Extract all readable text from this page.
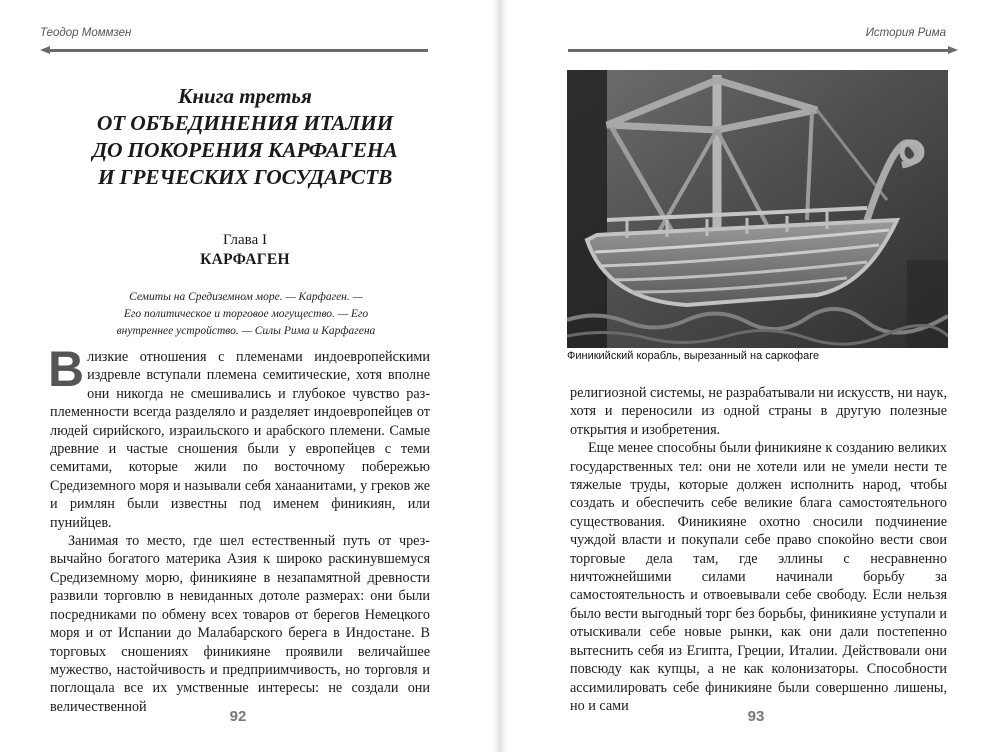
Теодор Моммзен
Книга третья
ОТ ОБЪЕДИНЕНИЯ ИТАЛИИ
ДО ПОКОРЕНИЯ КАРФАГЕНА
И ГРЕЧЕСКИХ ГОСУДАРСТВ
Глава I
КАРФАГЕН
Семиты на Средиземном море. — Карфаген. —
Его политическое и торговое могущество. — Его
внутреннее устройство. — Силы Рима и Карфагена

Влизкие отношения с племенами индоевропейскими издревле вступали племена семитические, хотя вполне они никогда не смешивались и глубокое чувство разплеменности всегда разделяло и разделяет индоевропейцев от людей сирийского, израильского и арабского племени. Самые древние и частые сношения были у европейцев с теми семитами, которые жили по восточному побережью Средиземного моря и называли себя ханаанитами, у греков же и римлян были известны под именем финикиян, или пунийцев.

Занимая то место, где шел естественный путь от чрезвычайно богатого материка Азия к широко раскинувшемуся Средиземному морю, финикияне в незапамятной древности развили торговлю в невиданных дотоле размерах: они были посредниками по обмену всех товаров от берегов Немецкого моря и от Испании до Малабарского берега в Индостане. В торговых сношениях финикияне проявили величайшее мужество, настойчивость и предприимчивость, но торговля и поглощала все их умственные интересы: не создали они величественной

92
История Рима
Финикийский корабль, вырезанный на саркофаге

религиозной системы, не разрабатывали ни искусств, ни наук, хотя и переносили из одной страны в другую полезные открытия и изобретения.

Еще менее способны были финикияне к созданию великих государственных тел: они не хотели или не умели нести те тяжелые труды, которые должен исполнить народ, чтобы создать и обеспечить себе великие блага самостоятельного существования. Финикияне охотно сносили подчинение чуждой власти и покупали себе право спокойно вести свои торговые дела там, где эллины с несравненно ничтожнейшими силами начинали борьбу за самостоятельность и отвоевывали себе свободу. Если нельзя было вести выгодный торг без борьбы, финикияне уступали и отыскивали себе новые рынки, как они дали постепенно вытеснить себя из Египта, Греции, Италии. Действовали они повсюду как купцы, а не как колонизаторы. Способности ассимилировать себе финикияне были совершенно лишены, но и сами

93
